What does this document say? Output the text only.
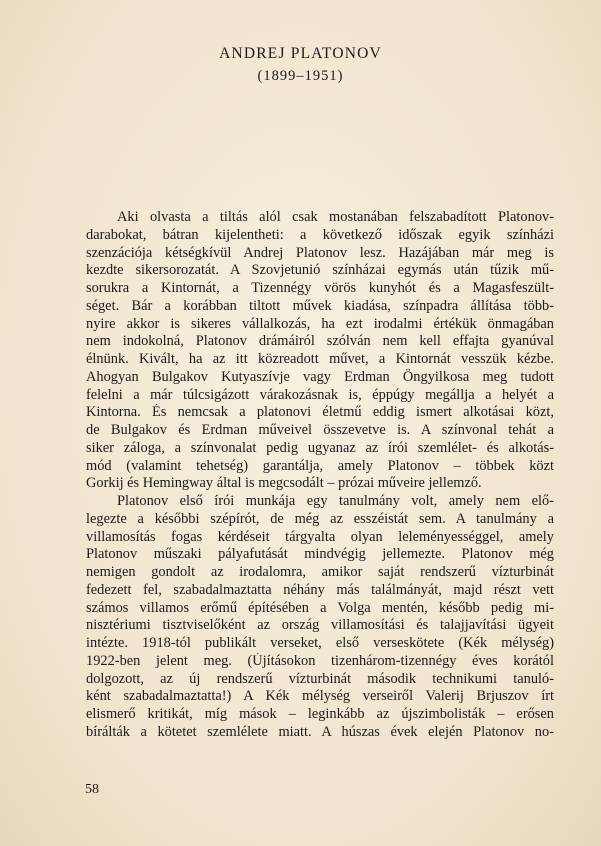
ANDREJ PLATONOV
(1899–1951)
Aki olvasta a tiltás alól csak mostanában felszabadított Platonov-
darabokat, bátran kijelentheti: a következő időszak egyik színházi
szenzációja kétségkívül Andrej Platonov lesz. Hazájában már meg is
kezdte sikersorozatát. A Szovjetunió színházai egymás után tűzik mű-
sorukra a Kintornát, a Tizennégy vörös kunyhót és a Magasfeszült-
séget. Bár a korábban tiltott művek kiadása, színpadra állítása több-
nyire akkor is sikeres vállalkozás, ha ezt irodalmi értékük önmagában
nem indokolná, Platonov drámáiról szólván nem kell effajta gyanúval
élnünk. Kivált, ha az itt közreadott művet, a Kintornát vesszük kézbe.
Ahogyan Bulgakov Kutyaszívje vagy Erdman Öngyilkosa meg tudott
felelni a már túlcsigázott várakozásnak is, éppúgy megállja a helyét a
Kintorna. És nemcsak a platonovi életmű eddig ismert alkotásai közt,
de Bulgakov és Erdman műveivel összevetve is. A színvonal tehát a
siker záloga, a színvonalat pedig ugyanaz az írói szemlélet- és alkotás-
mód (valamint tehetség) garantálja, amely Platonov – többek közt
Gorkij és Hemingway által is megcsodált – prózai műveire jellemző.
Platonov első írói munkája egy tanulmány volt, amely nem elő-
legezte a későbbi szépírót, de még az esszéistát sem. A tanulmány a
villamosítás fogas kérdéseit tárgyalta olyan leleményességgel, amely
Platonov műszaki pályafutását mindvégig jellemezte. Platonov még
nemigen gondolt az irodalomra, amikor saját rendszerű vízturbinát
fedezett fel, szabadalmaztatta néhány más találmányát, majd részt vett
számos villamos erőmű építésében a Volga mentén, később pedig mi-
nisztériumi tisztviselőként az ország villamosítási és talajjavítási ügyeit
intézte. 1918-tól publikált verseket, első verseskötete (Kék mélység)
1922-ben jelent meg. (Újításokon tizenhárom-tizennégy éves korától
dolgozott, az új rendszerű vízturbinát második technikumi tanuló-
ként szabadalmaztatta!) A Kék mélység verseiről Valerij Brjuszov írt
elismerő kritikát, míg mások – leginkább az újszimbolisták – erősen
bírálták a kötetet szemlélete miatt. A húszas évek elején Platonov no-
58
